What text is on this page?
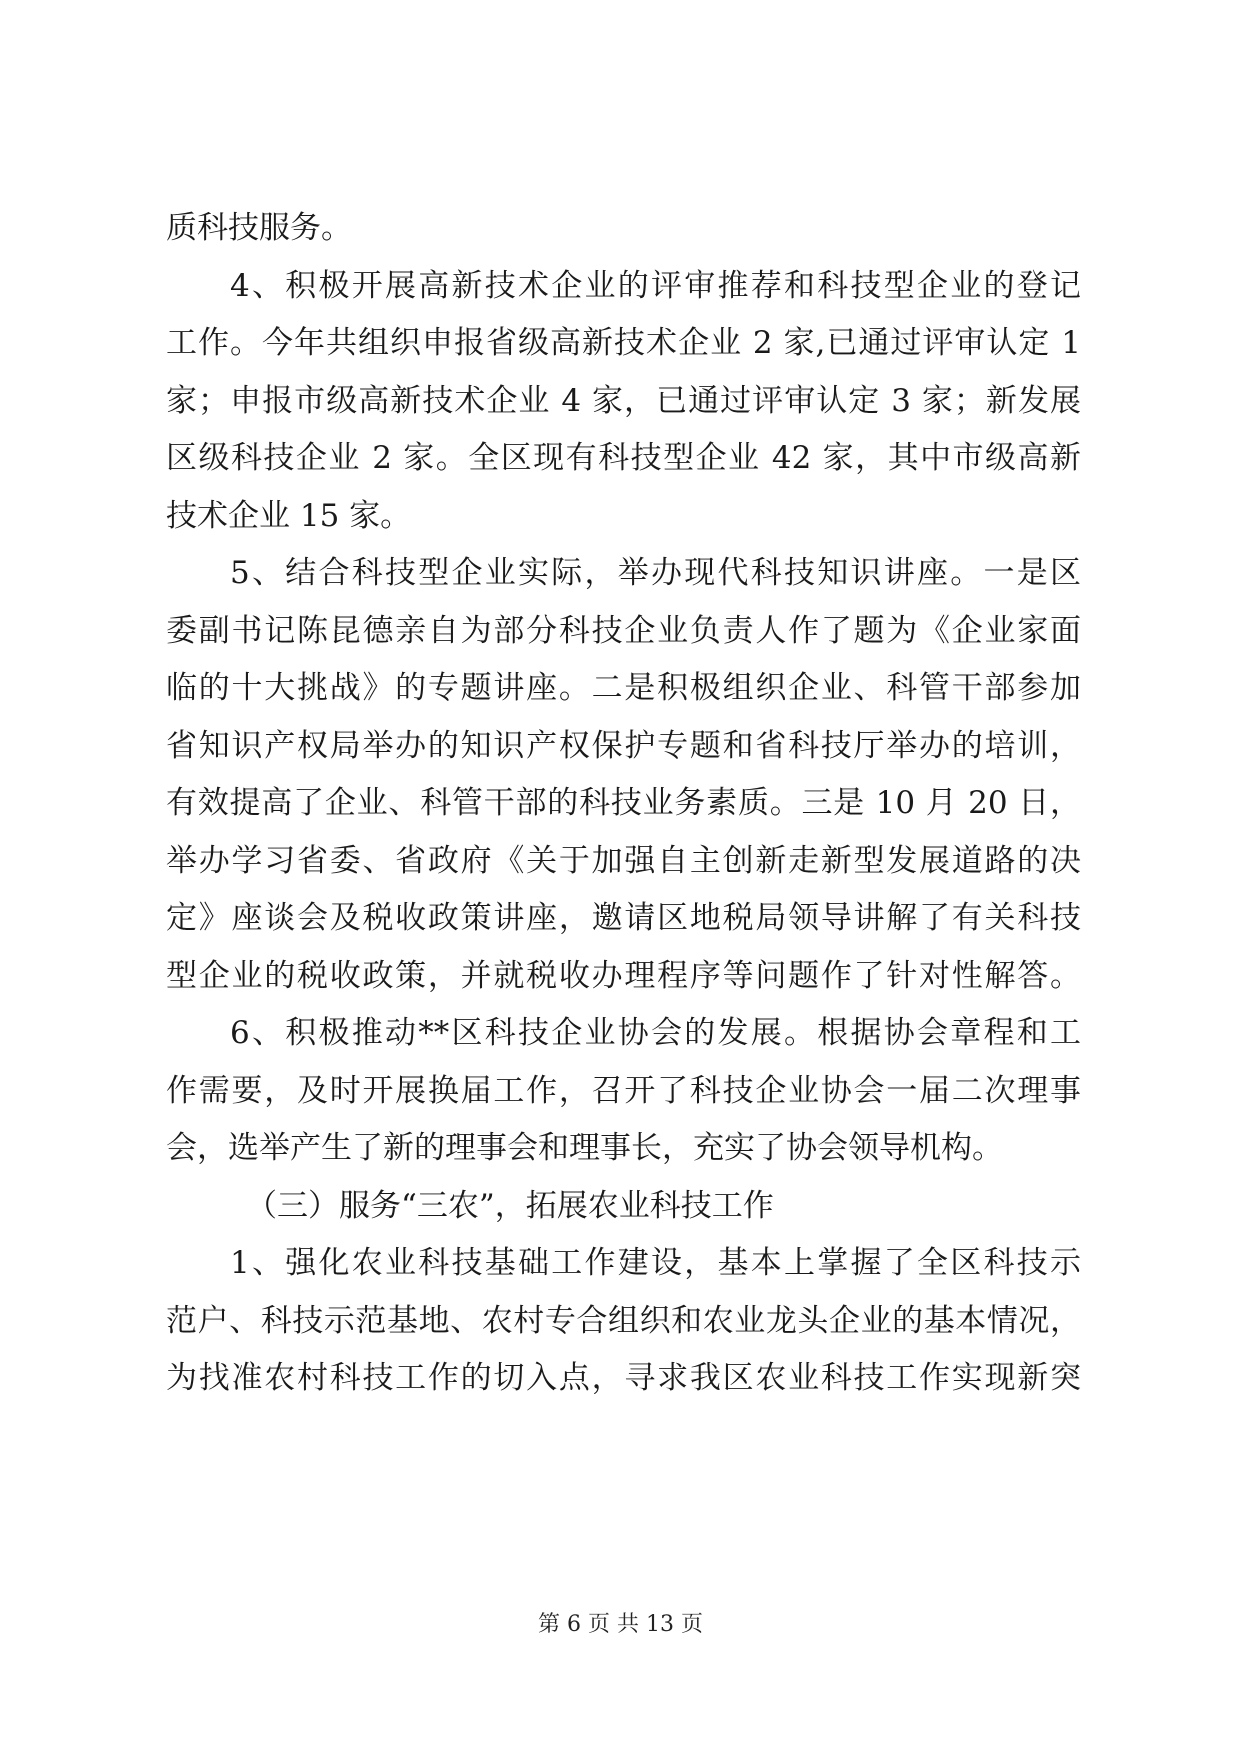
质科技服务。
4、积极开展高新技术企业的评审推荐和科技型企业的登记
工作。今年共组织申报省级高新技术企业 2 家,已通过评审认定 1
家；申报市级高新技术企业 4 家，已通过评审认定 3 家；新发展
区级科技企业 2 家。全区现有科技型企业 42 家，其中市级高新
技术企业 15 家。
5、结合科技型企业实际，举办现代科技知识讲座。一是区
委副书记陈昆德亲自为部分科技企业负责人作了题为《企业家面
临的十大挑战》的专题讲座。二是积极组织企业、科管干部参加
省知识产权局举办的知识产权保护专题和省科技厅举办的培训，
有效提高了企业、科管干部的科技业务素质。三是 10 月 20 日，
举办学习省委、省政府《关于加强自主创新走新型发展道路的决
定》座谈会及税收政策讲座，邀请区地税局领导讲解了有关科技
型企业的税收政策，并就税收办理程序等问题作了针对性解答。
6、积极推动**区科技企业协会的发展。根据协会章程和工
作需要，及时开展换届工作，召开了科技企业协会一届二次理事
会，选举产生了新的理事会和理事长，充实了协会领导机构。
（三）服务“三农”，拓展农业科技工作
1、强化农业科技基础工作建设，基本上掌握了全区科技示
范户、科技示范基地、农村专合组织和农业龙头企业的基本情况，
为找准农村科技工作的切入点，寻求我区农业科技工作实现新突
第 6 页 共 13 页
